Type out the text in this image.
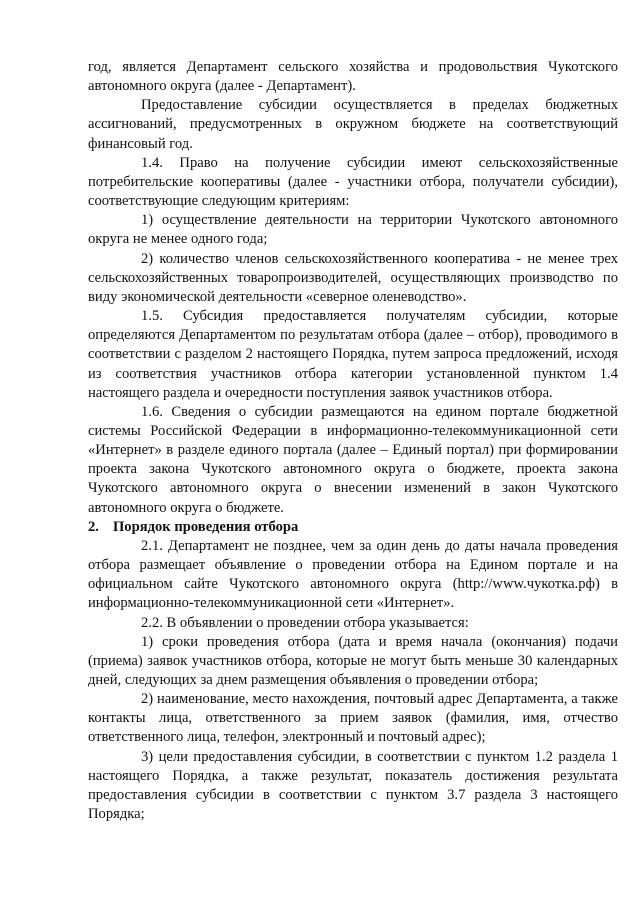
год, является Департамент сельского хозяйства и продовольствия Чукотского автономного округа (далее - Департамент).

Предоставление субсидии осуществляется в пределах бюджетных ассигнований, предусмотренных в окружном бюджете на соответствующий финансовый год.

1.4. Право на получение субсидии имеют сельскохозяйственные потребительские кооперативы (далее - участники отбора, получатели субсидии), соответствующие следующим критериям:

1) осуществление деятельности на территории Чукотского автономного округа не менее одного года;

2) количество членов сельскохозяйственного кооператива - не менее трех сельскохозяйственных товаропроизводителей, осуществляющих производство по виду экономической деятельности «северное оленеводство».

1.5. Субсидия предоставляется получателям субсидии, которые определяются Департаментом по результатам отбора (далее – отбор), проводимого в соответствии с разделом 2 настоящего Порядка, путем запроса предложений, исходя из соответствия участников отбора категории установленной пунктом 1.4 настоящего раздела и очередности поступления заявок участников отбора.

1.6. Сведения о субсидии размещаются на едином портале бюджетной системы Российской Федерации в информационно-телекоммуникационной сети «Интернет» в разделе единого портала (далее – Единый портал) при формировании проекта закона Чукотского автономного округа о бюджете, проекта закона Чукотского автономного округа о внесении изменений в закон Чукотского автономного округа о бюджете.

2. Порядок проведения отбора

2.1. Департамент не позднее, чем за один день до даты начала проведения отбора размещает объявление о проведении отбора на Едином портале и на официальном сайте Чукотского автономного округа (http://www.чукотка.рф) в информационно-телекоммуникационной сети «Интернет».

2.2. В объявлении о проведении отбора указывается:

1) сроки проведения отбора (дата и время начала (окончания) подачи (приема) заявок участников отбора, которые не могут быть меньше 30 календарных дней, следующих за днем размещения объявления о проведении отбора;

2) наименование, место нахождения, почтовый адрес Департамента, а также контакты лица, ответственного за прием заявок (фамилия, имя, отчество ответственного лица, телефон, электронный и почтовый адрес);

3) цели предоставления субсидии, в соответствии с пунктом 1.2 раздела 1 настоящего Порядка, а также результат, показатель достижения результата предоставления субсидии в соответствии с пунктом 3.7 раздела 3 настоящего Порядка;
